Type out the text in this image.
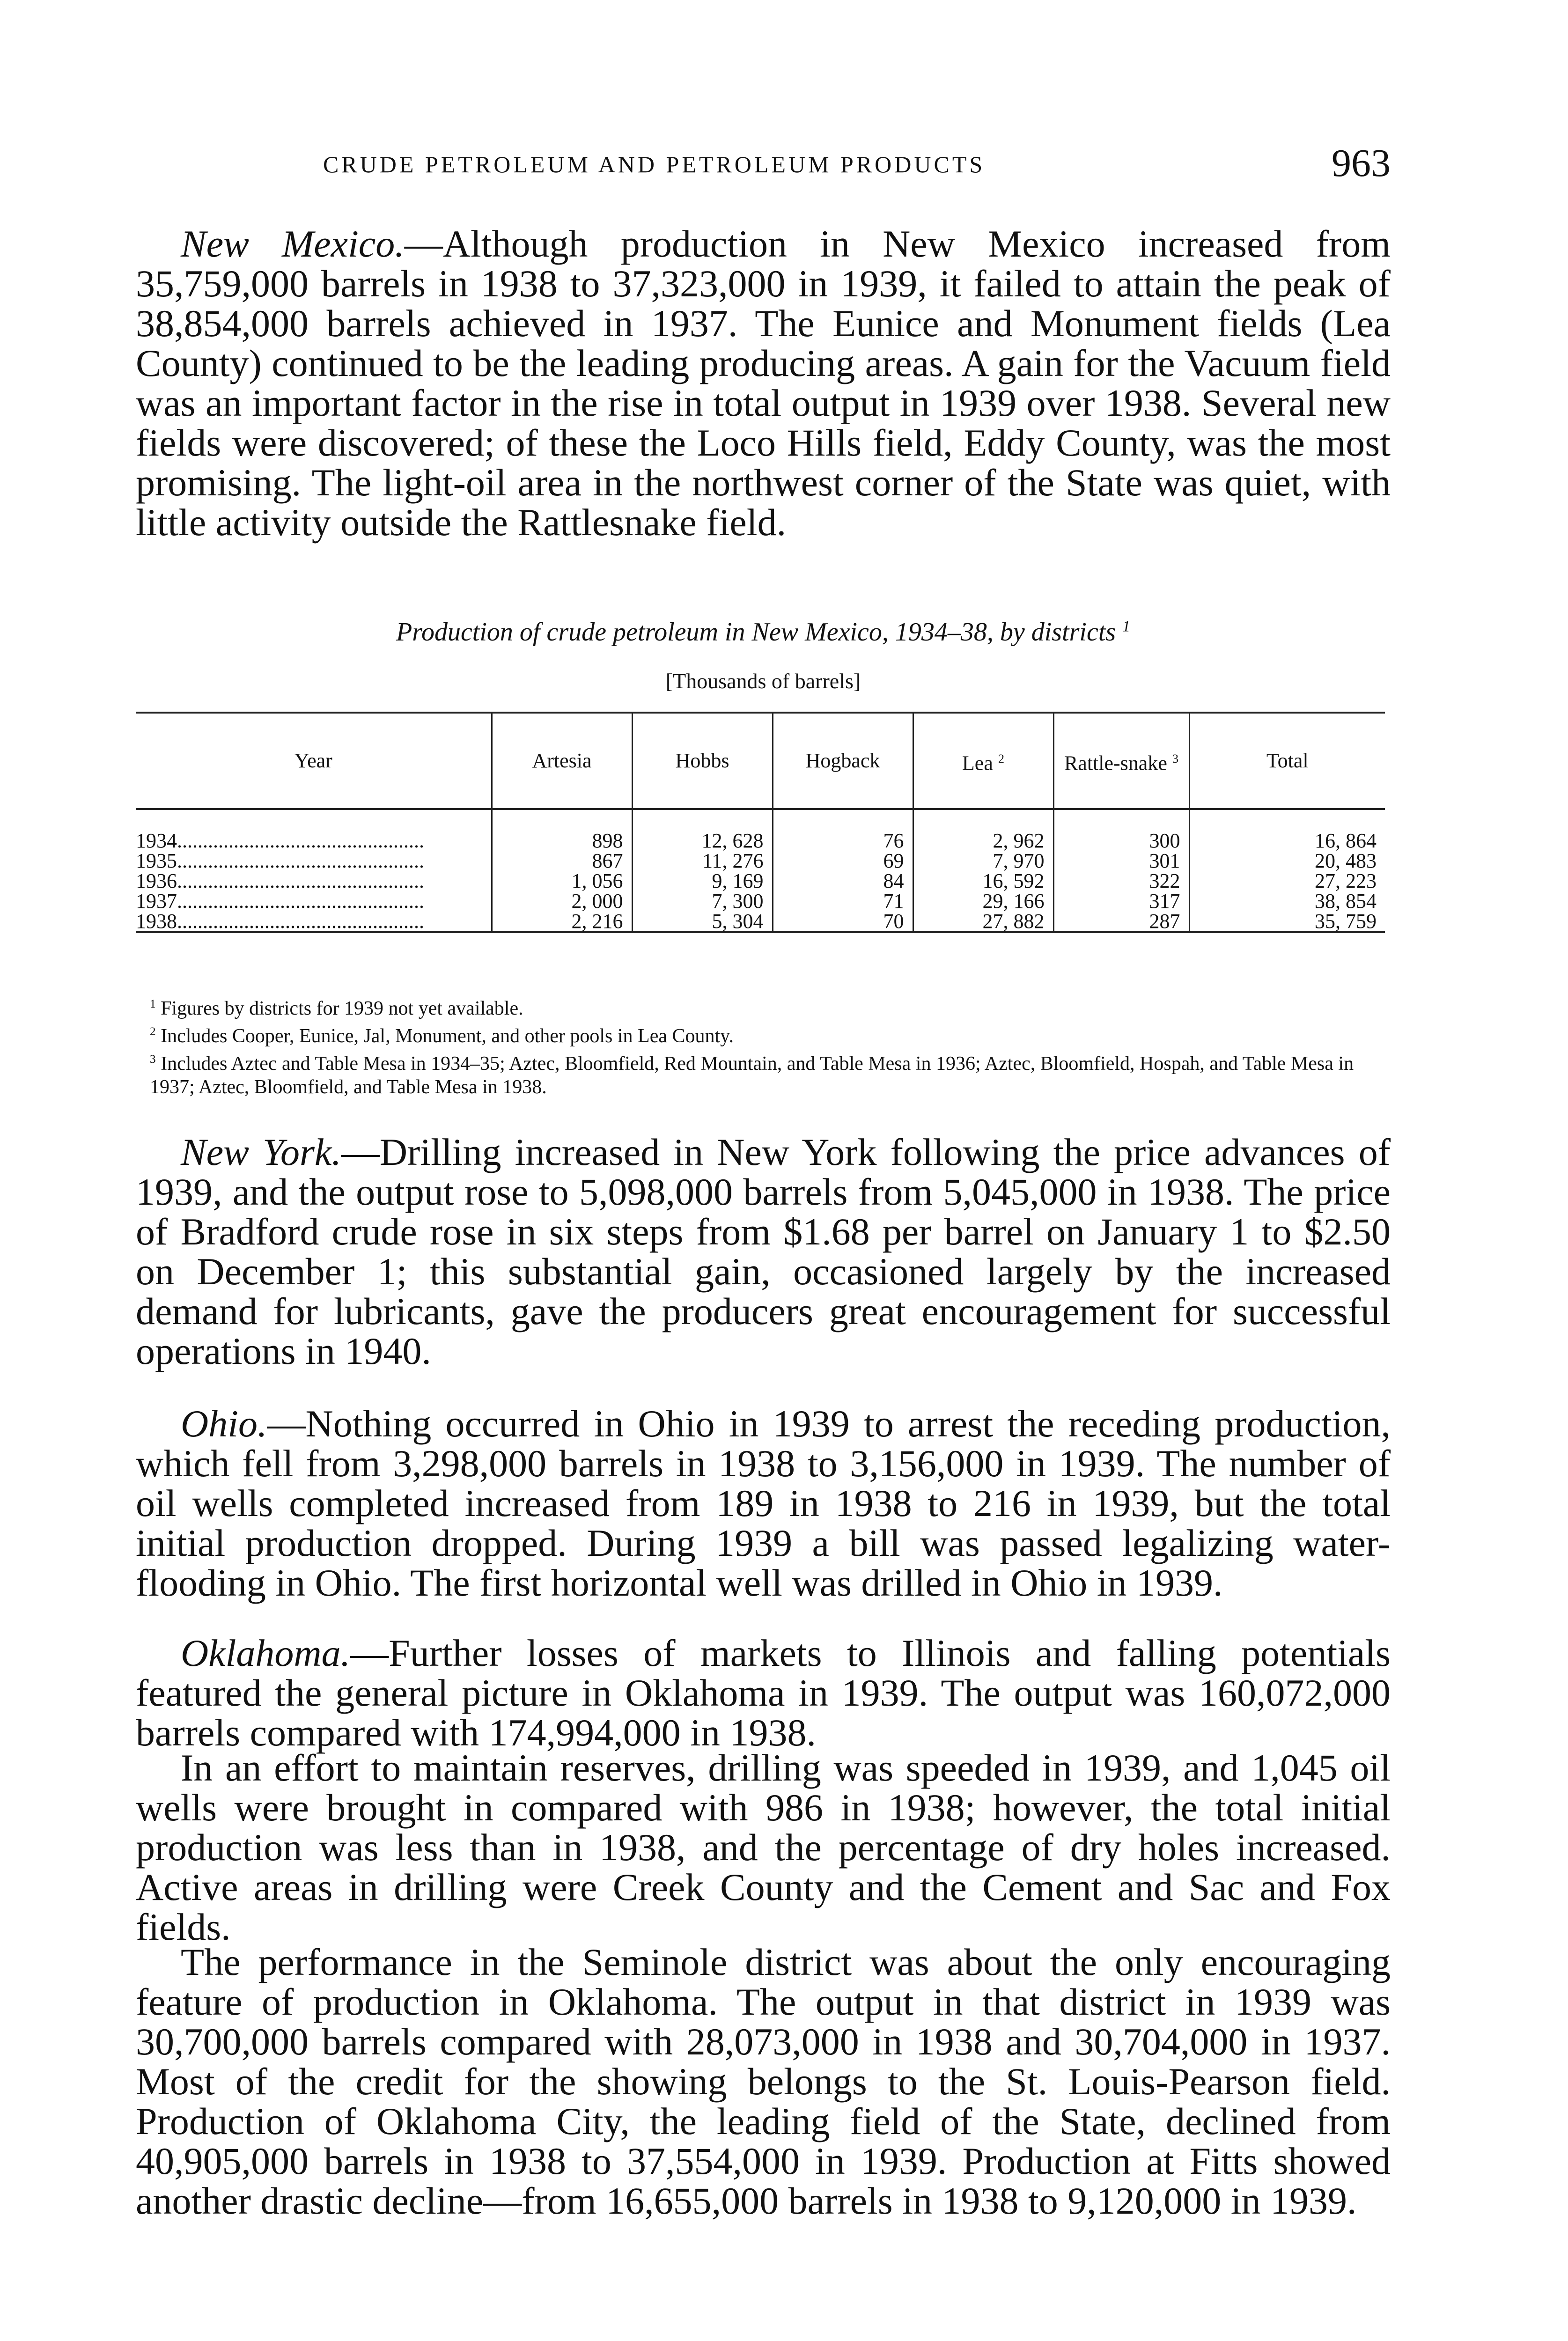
CRUDE PETROLEUM AND PETROLEUM PRODUCTS	963

New Mexico.—Although production in New Mexico increased from 35,759,000 barrels in 1938 to 37,323,000 in 1939, it failed to attain the peak of 38,854,000 barrels achieved in 1937. The Eunice and Monument fields (Lea County) continued to be the leading producing areas. A gain for the Vacuum field was an important factor in the rise in total output in 1939 over 1938. Several new fields were discovered; of these the Loco Hills field, Eddy County, was the most promising. The light-oil area in the northwest corner of the State was quiet, with little activity outside the Rattlesnake field.

Production of crude petroleum in New Mexico, 1934–38, by districts $^1$
[Thousands of barrels]
Year	Artesia	Hobbs	Hogback	Lea $^2$	Rattle-snake $^3$	Total

1934................................................	898	12, 628	76	2, 962	300	16, 864
1935................................................	867	11, 276	69	7, 970	301	20, 483
1936................................................	1, 056	9, 169	84	16, 592	322	27, 223
1937................................................	2, 000	7, 300	71	29, 166	317	38, 854
1938................................................	2, 216	5, 304	70	27, 882	287	35, 759
$^1$ Figures by districts for 1939 not yet available.
$^2$ Includes Cooper, Eunice, Jal, Monument, and other pools in Lea County.
$^3$ Includes Aztec and Table Mesa in 1934–35; Aztec, Bloomfield, Red Mountain, and Table Mesa in 1936; Aztec, Bloomfield, Hospah, and Table Mesa in 1937; Aztec, Bloomfield, and Table Mesa in 1938.

New York.—Drilling increased in New York following the price advances of 1939, and the output rose to 5,098,000 barrels from 5,045,000 in 1938. The price of Bradford crude rose in six steps from $1.68 per barrel on January 1 to $2.50 on December 1; this substantial gain, occasioned largely by the increased demand for lubricants, gave the producers great encouragement for successful operations in 1940.

Ohio.—Nothing occurred in Ohio in 1939 to arrest the receding production, which fell from 3,298,000 barrels in 1938 to 3,156,000 in 1939. The number of oil wells completed increased from 189 in 1938 to 216 in 1939, but the total initial production dropped. During 1939 a bill was passed legalizing water-flooding in Ohio. The first horizontal well was drilled in Ohio in 1939.

Oklahoma.—Further losses of markets to Illinois and falling potentials featured the general picture in Oklahoma in 1939. The output was 160,072,000 barrels compared with 174,994,000 in 1938.

In an effort to maintain reserves, drilling was speeded in 1939, and 1,045 oil wells were brought in compared with 986 in 1938; however, the total initial production was less than in 1938, and the percentage of dry holes increased. Active areas in drilling were Creek County and the Cement and Sac and Fox fields.

The performance in the Seminole district was about the only encouraging feature of production in Oklahoma. The output in that district in 1939 was 30,700,000 barrels compared with 28,073,000 in 1938 and 30,704,000 in 1937. Most of the credit for the showing belongs to the St. Louis-Pearson field. Production of Oklahoma City, the leading field of the State, declined from 40,905,000 barrels in 1938 to 37,554,000 in 1939. Production at Fitts showed another drastic decline—from 16,655,000 barrels in 1938 to 9,120,000 in 1939.
